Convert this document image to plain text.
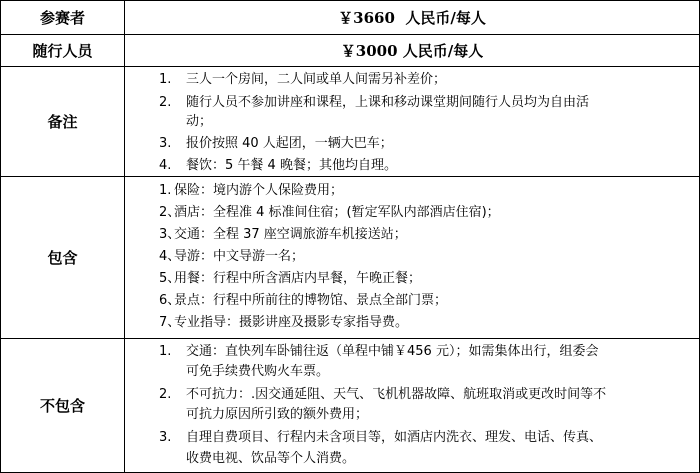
参赛者	￥3660  人民币/每人
随行人员	￥3000 人民币/每人
备注
1. 三人一个房间，二人间或单人间需另补差价；
2. 随行人员不参加讲座和课程，上课和移动课堂期间随行人员均为自由活
动；
3. 报价按照 40 人起团，一辆大巴车；
4. 餐饮：5 午餐 4 晚餐；其他均自理。
包含
1. 保险：境内游个人保险费用；
2、
酒店：全程准 4 标准间住宿；(暂定军队内部酒店住宿)；
3、
交通：全程 37 座空调旅游车机接送站；
4、
导游：中文导游一名；
5、
用餐：行程中所含酒店内早餐，午晚正餐；
6、
景点：行程中所前往的博物馆、景点全部门票；
7、
专业指导：摄影讲座及摄影专家指导费。
不包含
1. 交通：直快列车卧铺往返（单程中铺￥456 元）；如需集体出行，组委会
可免手续费代购火车票。
2. 不可抗力：.因交通延阻、天气、飞机机器故障、航班取消或更改时间等不
可抗力原因所引致的额外费用；
3. 自理自费项目、行程内未含项目等，如酒店内洗衣、理发、电话、传真、
收费电视、饮品等个人消费。
